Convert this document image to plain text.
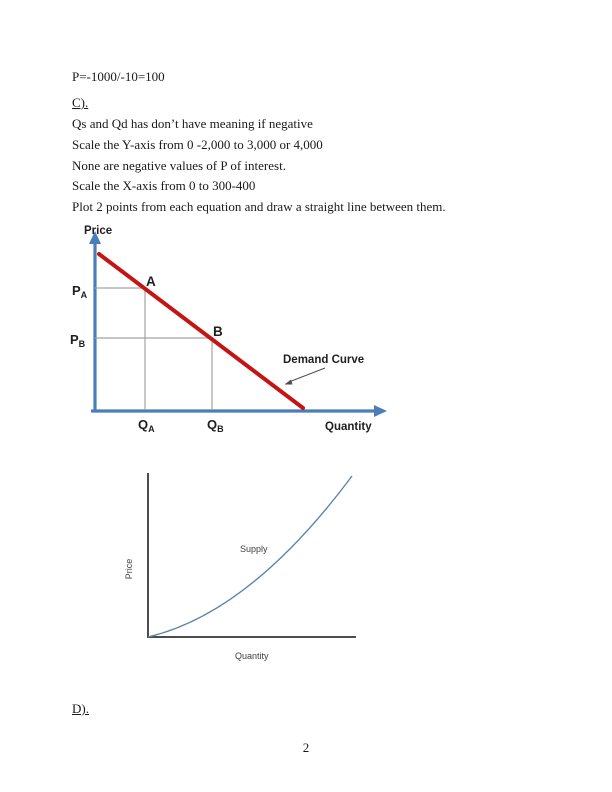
P=-1000/-10=100
C).
Qs and Qd has don’t have meaning if negative
Scale the Y-axis from 0 -2,000 to 3,000 or 4,000
None are negative values of P of interest.
Scale the X-axis from 0 to 300-400
Plot 2 points from each equation and draw a straight line between them.
Price
Quantity
Demand Curve
A
B
$P_A$
$P_B$
$Q_A$	$Q_B$
Supply
Price
Quantity
D).
2
